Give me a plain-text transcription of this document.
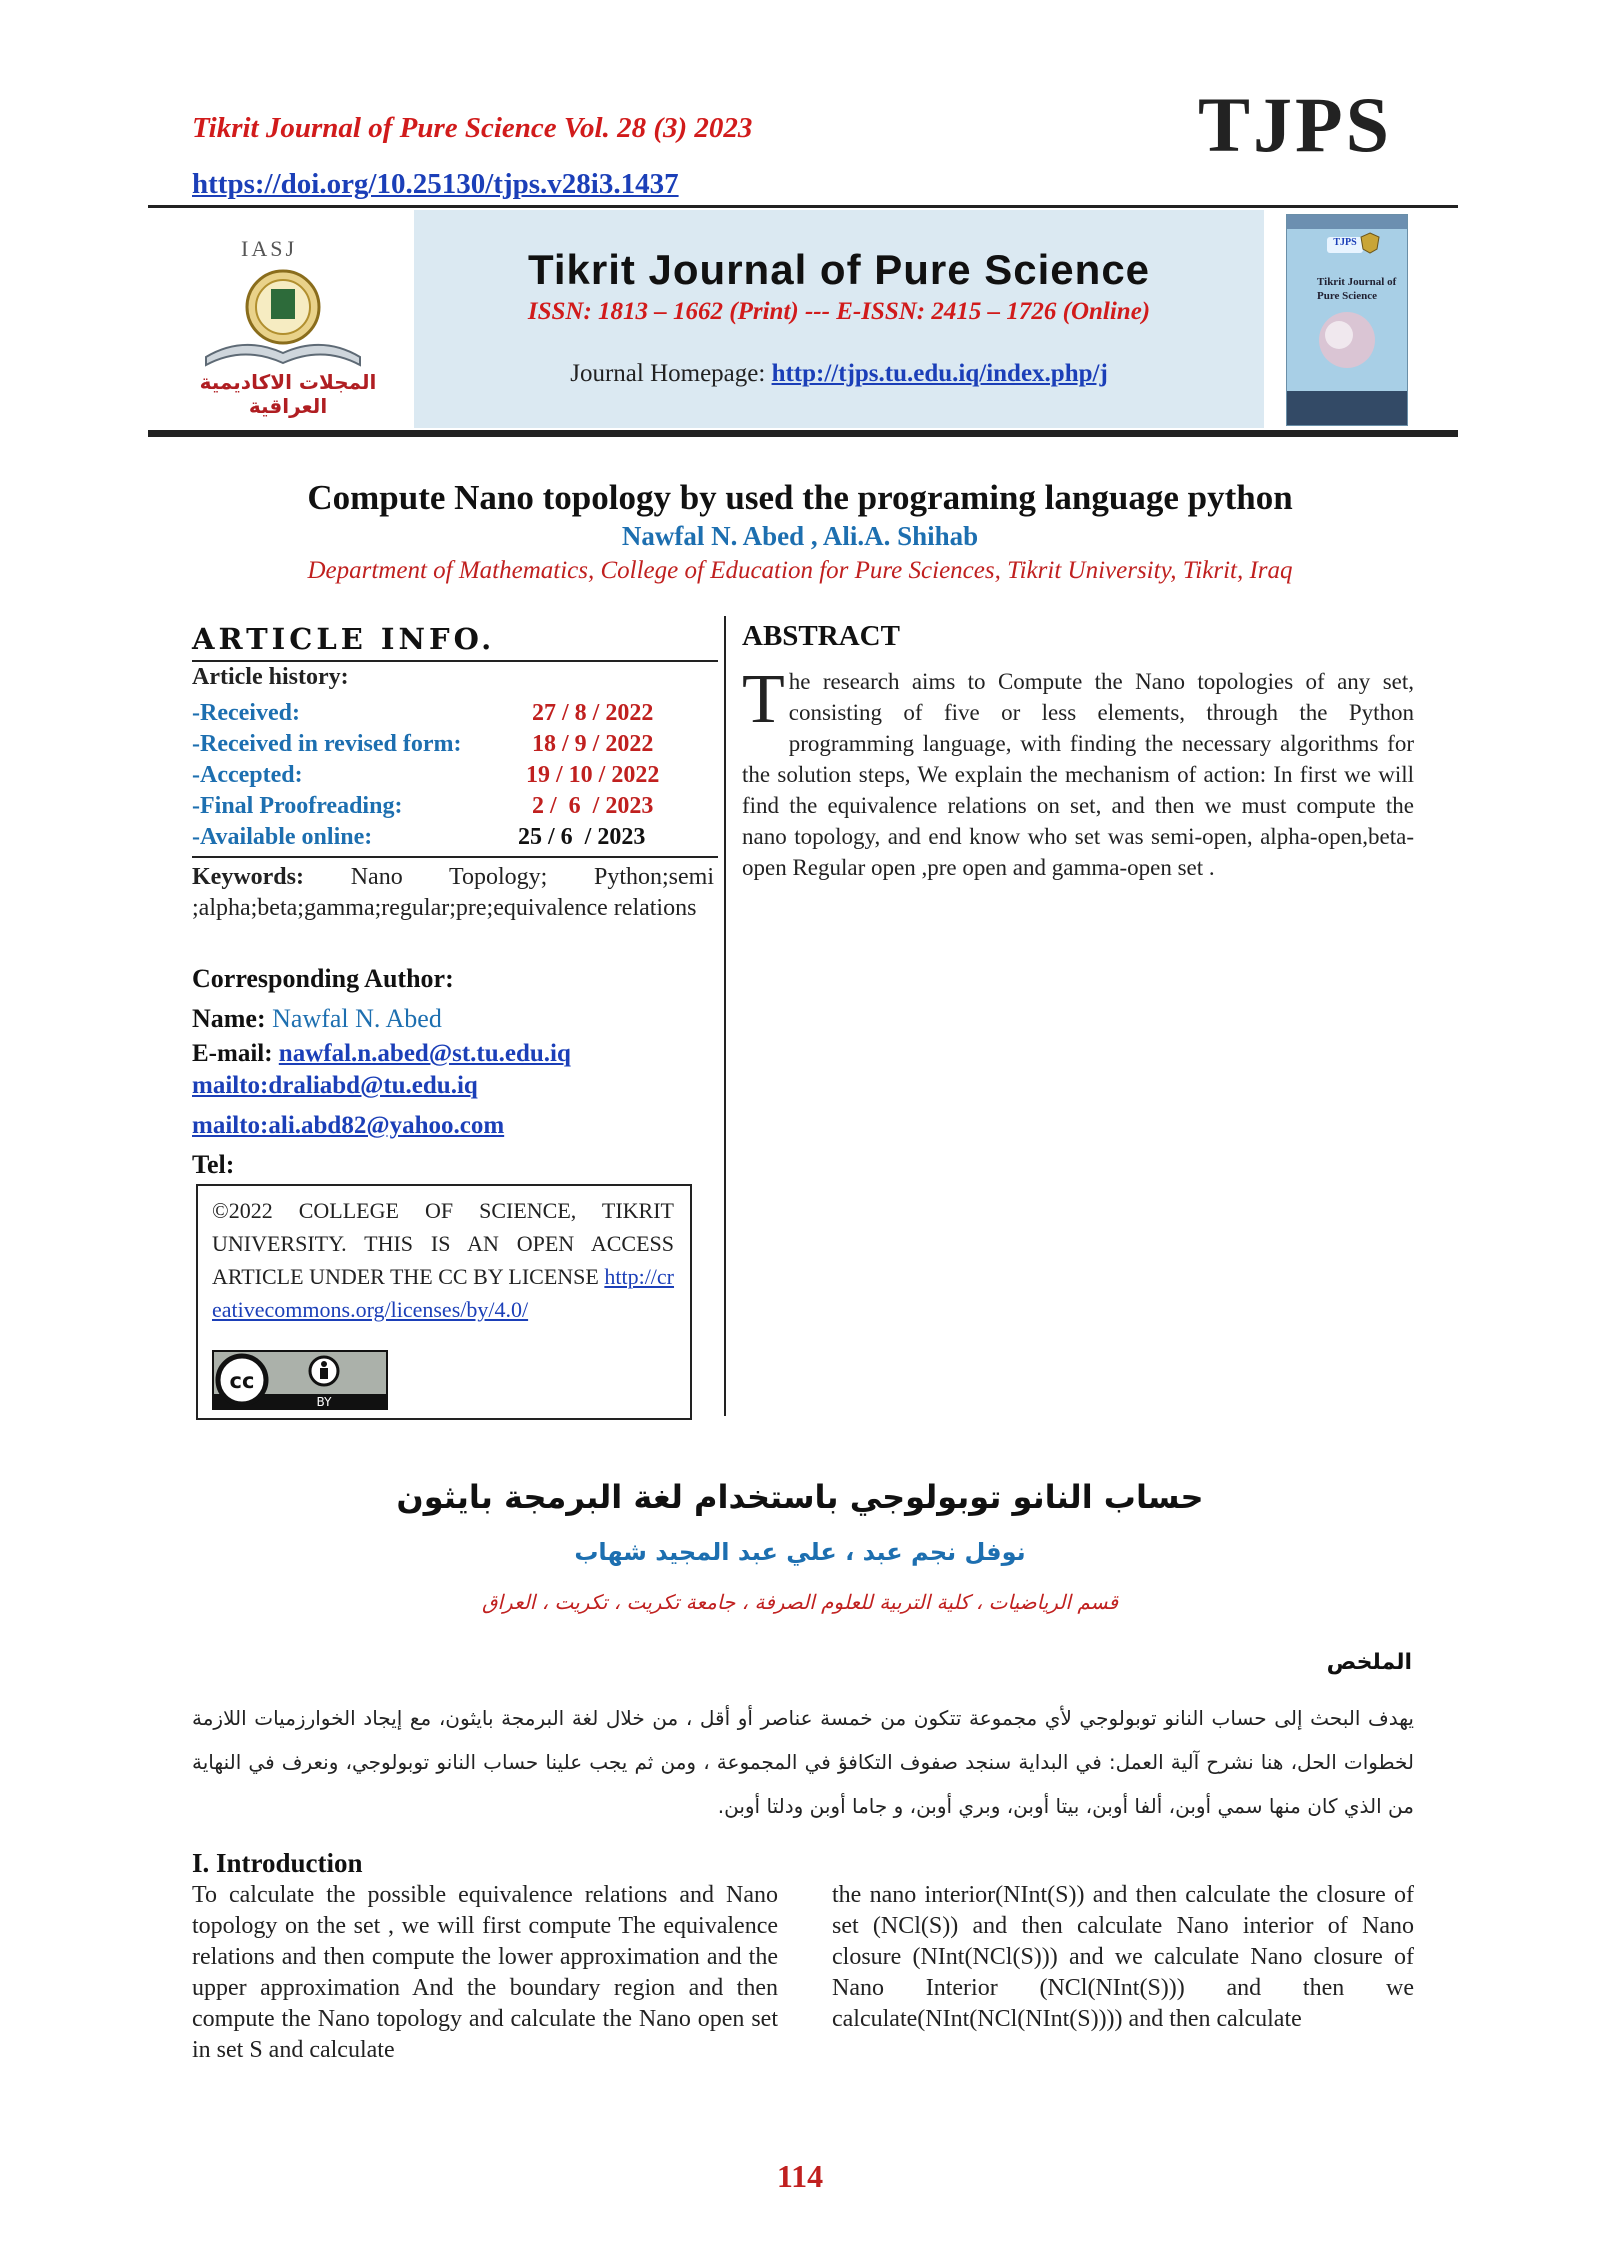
Tikrit Journal of Pure Science Vol. 28 (3) 2023
https://doi.org/10.25130/tjps.v28i3.1437
TJPS
IASJ
المجلات الاكاديمية العراقية
Tikrit Journal of Pure Science
ISSN: 1813 – 1662 (Print) --- E-ISSN: 2415 – 1726 (Online)
Journal Homepage: http://tjps.tu.edu.iq/index.php/j
TJPS
Tikrit Journal of Pure Science
Compute Nano topology by used the programing language python
Nawfal N. Abed , Ali.A. Shihab
Department of Mathematics, College of Education for Pure Sciences, Tikrit University, Tikrit, Iraq
ARTICLE INFO.
Article history:
-Received:	27 / 8 / 2022
-Received in revised form:	18 / 9 / 2022
-Accepted:	19 / 10 / 2022
-Final Proofreading:	2 /  6  / 2023
-Available online:	25 / 6  / 2023
Keywords: Nano Topology; Python;semi ;alpha;beta;gamma;regular;pre;equivalence relations
Corresponding Author:
Name: Nawfal N. Abed
E-mail: nawfal.n.abed@st.tu.edu.iq
mailto:draliabd@tu.edu.iq
mailto:ali.abd82@yahoo.com
Tel:
©2022 COLLEGE OF SCIENCE, TIKRIT UNIVERSITY. THIS IS AN OPEN ACCESS ARTICLE UNDER THE CC BY LICENSE http://creativecommons.org/licenses/by/4.0/
cc
BY
ABSTRACT
The research aims to Compute the Nano topologies of any set, consisting of five or less elements, through the Python programming language, with finding the necessary algorithms for the solution steps, We explain the mechanism of action: In first we will find the equivalence relations on set, and then we must compute the nano topology, and end know who set was semi-open, alpha-open,beta-open Regular open ,pre open and gamma-open set .
حساب النانو توبولوجي باستخدام لغة البرمجة بايثون
نوفل نجم عبد ، علي عبد المجيد شهاب
قسم الرياضيات ، كلية التربية للعلوم الصرفة ، جامعة تكريت ، تكريت ، العراق
الملخص
يهدف البحث إلى حساب النانو توبولوجي لأي مجموعة تتكون من خمسة عناصر أو أقل ، من خلال لغة البرمجة بايثون، مع إيجاد الخوارزميات اللازمة لخطوات الحل، هنا نشرح آلية العمل: في البداية سنجد صفوف التكافؤ في المجموعة ، ومن ثم يجب علينا حساب النانو توبولوجي، ونعرف في النهاية من الذي كان منها سمي أوبن، ألفا أوبن، بيتا أوبن، وبري أوبن، و جاما أوبن ودلتا أوبن.
I. Introduction
To calculate the possible equivalence relations and Nano topology on the set , we will first compute The equivalence relations and then compute the lower approximation and the upper approximation And the boundary region and then compute the Nano topology and calculate the Nano open set in set S and calculate
the nano interior(NInt(S)) and then calculate the closure of set (NCl(S)) and then calculate Nano interior of Nano closure (NInt(NCl(S))) and we calculate Nano closure of Nano Interior (NCl(NInt(S))) and then we calculate(NInt(NCl(NInt(S)))) and then calculate
114
